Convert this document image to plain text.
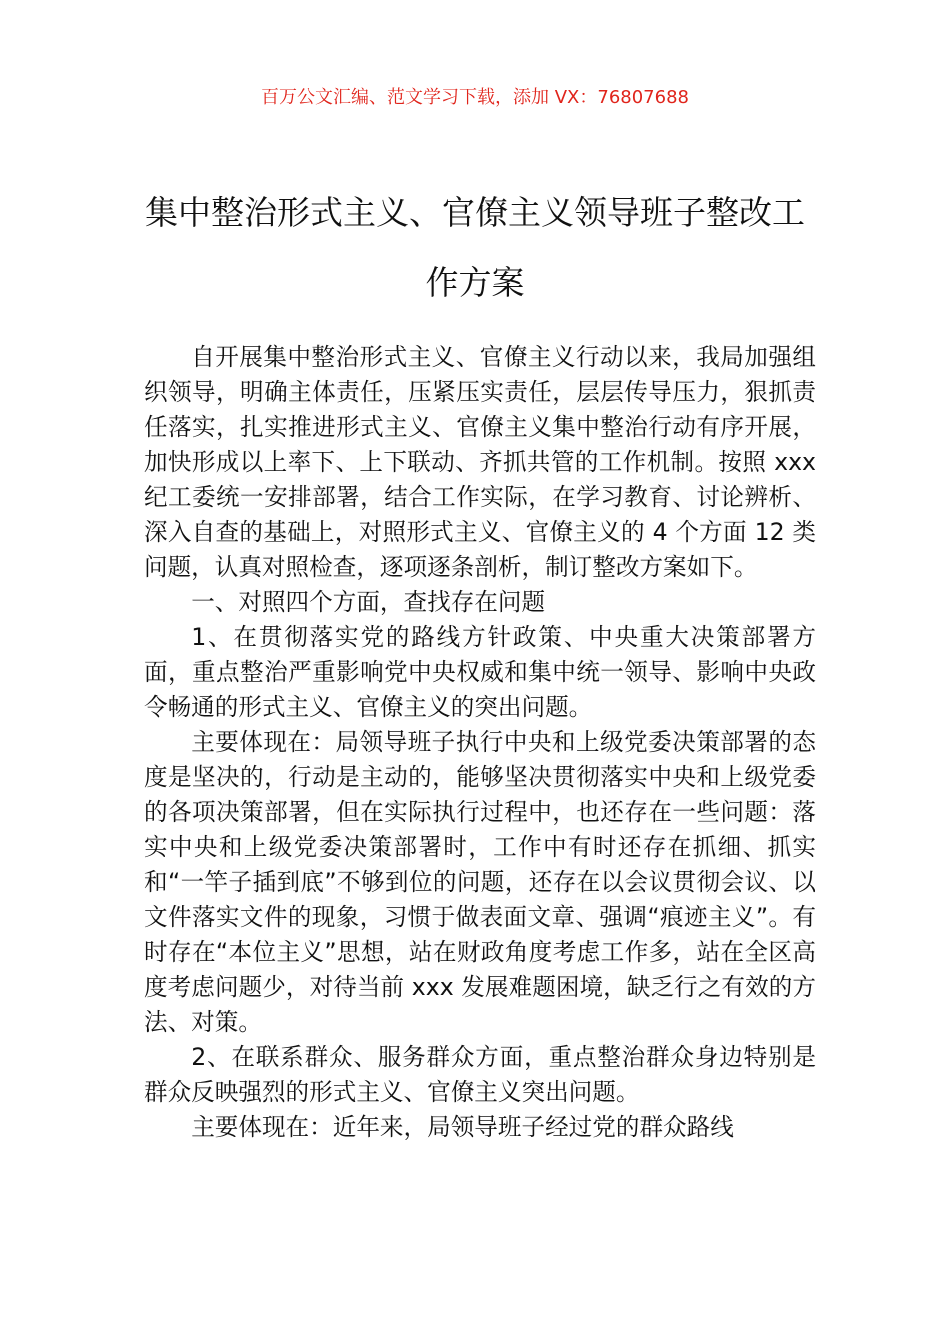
百万公文汇编、范文学习下载，添加 VX：76807688
集中整治形式主义、官僚主义领导班子整改工作方案

自开展集中整治形式主义、官僚主义行动以来，我局加强组织领导，明确主体责任，压紧压实责任，层层传导压力，狠抓责任落实，扎实推进形式主义、官僚主义集中整治行动有序开展，加快形成以上率下、上下联动、齐抓共管的工作机制。按照 xxx 纪工委统一安排部署，结合工作实际，在学习教育、讨论辨析、深入自查的基础上，对照形式主义、官僚主义的 4 个方面 12 类问题，认真对照检查，逐项逐条剖析，制订整改方案如下。

一、对照四个方面，查找存在问题

1、在贯彻落实党的路线方针政策、中央重大决策部署方面，重点整治严重影响党中央权威和集中统一领导、影响中央政令畅通的形式主义、官僚主义的突出问题。

主要体现在：局领导班子执行中央和上级党委决策部署的态度是坚决的，行动是主动的，能够坚决贯彻落实中央和上级党委的各项决策部署，但在实际执行过程中，也还存在一些问题：落实中央和上级党委决策部署时，工作中有时还存在抓细、抓实和“一竿子插到底”不够到位的问题，还存在以会议贯彻会议、以文件落实文件的现象，习惯于做表面文章、强调“痕迹主义”。有时存在“本位主义”思想，站在财政角度考虑工作多，站在全区高度考虑问题少，对待当前 xxx 发展难题困境，缺乏行之有效的方法、对策。

2、在联系群众、服务群众方面，重点整治群众身边特别是群众反映强烈的形式主义、官僚主义突出问题。

主要体现在：近年来，局领导班子经过党的群众路线
